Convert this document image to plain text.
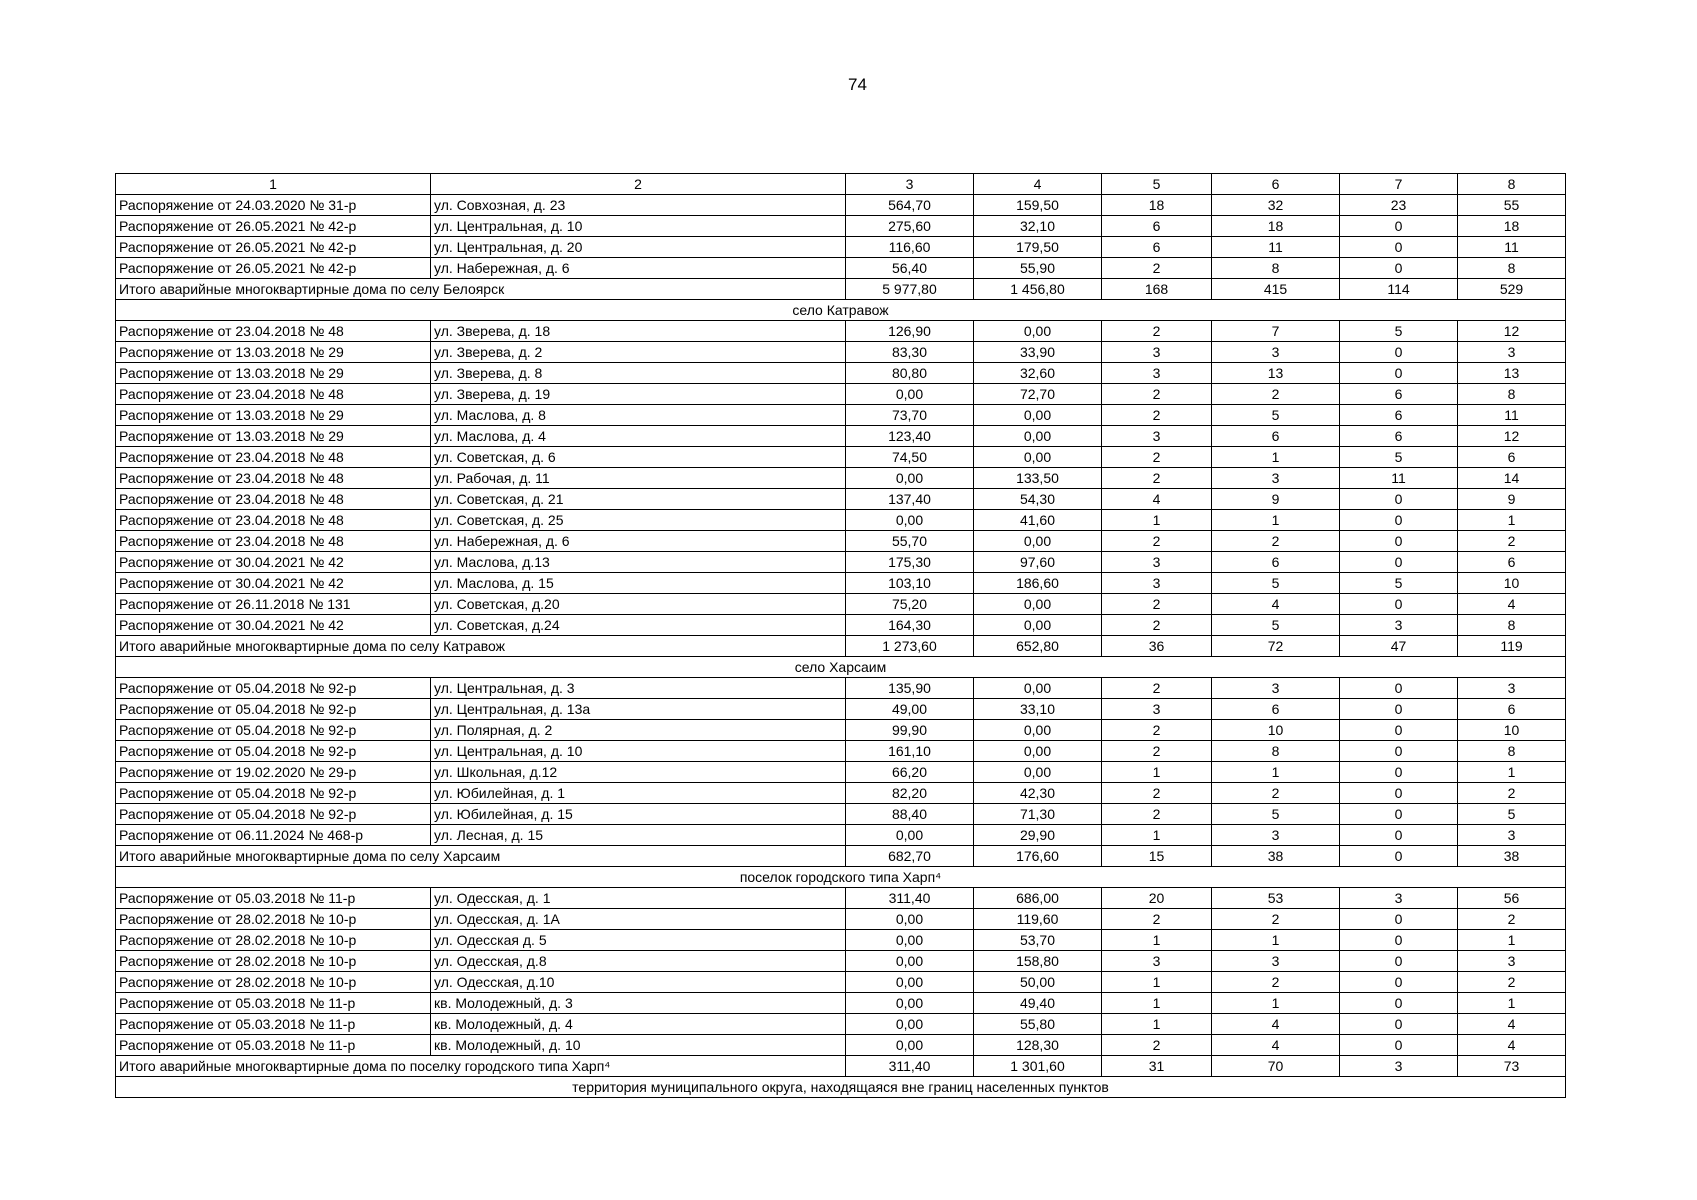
74
1	2	3	4	5	6	7	8
Распоряжение от 24.03.2020 № 31-р	ул. Совхозная, д. 23	564,70	159,50	18	32	23	55
Распоряжение от 26.05.2021 № 42-р	ул. Центральная, д. 10	275,60	32,10	6	18	0	18
Распоряжение от 26.05.2021 № 42-р	ул. Центральная, д. 20	116,60	179,50	6	11	0	11
Распоряжение от 26.05.2021 № 42-р	ул. Набережная, д. 6	56,40	55,90	2	8	0	8
Итого аварийные многоквартирные дома по селу Белоярск		5 977,80	1 456,80	168	415	114	529
село Катравож							
Распоряжение от 23.04.2018 № 48	ул. Зверева, д. 18	126,90	0,00	2	7	5	12
Распоряжение от 13.03.2018 № 29	ул. Зверева, д. 2	83,30	33,90	3	3	0	3
Распоряжение от 13.03.2018 № 29	ул. Зверева, д. 8	80,80	32,60	3	13	0	13
Распоряжение от 23.04.2018 № 48	ул. Зверева, д. 19	0,00	72,70	2	2	6	8
Распоряжение от 13.03.2018 № 29	ул. Маслова, д. 8	73,70	0,00	2	5	6	11
Распоряжение от 13.03.2018 № 29	ул. Маслова, д. 4	123,40	0,00	3	6	6	12
Распоряжение от 23.04.2018 № 48	ул. Советская, д. 6	74,50	0,00	2	1	5	6
Распоряжение от 23.04.2018 № 48	ул. Рабочая, д. 11	0,00	133,50	2	3	11	14
Распоряжение от 23.04.2018 № 48	ул. Советская, д. 21	137,40	54,30	4	9	0	9
Распоряжение от 23.04.2018 № 48	ул. Советская, д. 25	0,00	41,60	1	1	0	1
Распоряжение от 23.04.2018 № 48	ул. Набережная, д. 6	55,70	0,00	2	2	0	2
Распоряжение от 30.04.2021 № 42	ул. Маслова, д.13	175,30	97,60	3	6	0	6
Распоряжение от 30.04.2021 № 42	ул. Маслова, д. 15	103,10	186,60	3	5	5	10
Распоряжение от 26.11.2018 № 131	ул. Советская, д.20	75,20	0,00	2	4	0	4
Распоряжение от 30.04.2021 № 42	ул. Советская, д.24	164,30	0,00	2	5	3	8
Итого аварийные многоквартирные дома по селу Катравож		1 273,60	652,80	36	72	47	119
село Харсаим							
Распоряжение от 05.04.2018 № 92-р	ул. Центральная, д. 3	135,90	0,00	2	3	0	3
Распоряжение от 05.04.2018 № 92-р	ул. Центральная, д. 13а	49,00	33,10	3	6	0	6
Распоряжение от 05.04.2018 № 92-р	ул. Полярная, д. 2	99,90	0,00	2	10	0	10
Распоряжение от 05.04.2018 № 92-р	ул. Центральная, д. 10	161,10	0,00	2	8	0	8
Распоряжение от 19.02.2020 № 29-р	ул. Школьная, д.12	66,20	0,00	1	1	0	1
Распоряжение от 05.04.2018 № 92-р	ул. Юбилейная, д. 1	82,20	42,30	2	2	0	2
Распоряжение от 05.04.2018 № 92-р	ул. Юбилейная, д. 15	88,40	71,30	2	5	0	5
Распоряжение от 06.11.2024 № 468-р	ул. Лесная, д. 15	0,00	29,90	1	3	0	3
Итого аварийные многоквартирные дома по селу Харсаим		682,70	176,60	15	38	0	38
поселок городского типа Харп⁴							
Распоряжение от 05.03.2018 № 11-р	ул. Одесская, д. 1	311,40	686,00	20	53	3	56
Распоряжение от 28.02.2018 № 10-р	ул. Одесская, д. 1А	0,00	119,60	2	2	0	2
Распоряжение от 28.02.2018 № 10-р	ул. Одесская д. 5	0,00	53,70	1	1	0	1
Распоряжение от 28.02.2018 № 10-р	ул. Одесская, д.8	0,00	158,80	3	3	0	3
Распоряжение от 28.02.2018 № 10-р	ул. Одесская, д.10	0,00	50,00	1	2	0	2
Распоряжение от 05.03.2018 № 11-р	кв. Молодежный, д. 3	0,00	49,40	1	1	0	1
Распоряжение от 05.03.2018 № 11-р	кв. Молодежный, д. 4	0,00	55,80	1	4	0	4
Распоряжение от 05.03.2018 № 11-р	кв. Молодежный, д. 10	0,00	128,30	2	4	0	4
Итого аварийные многоквартирные дома по поселку городского типа Харп⁴		311,40	1 301,60	31	70	3	73
территория муниципального округа, находящаяся вне границ населенных пунктов							
